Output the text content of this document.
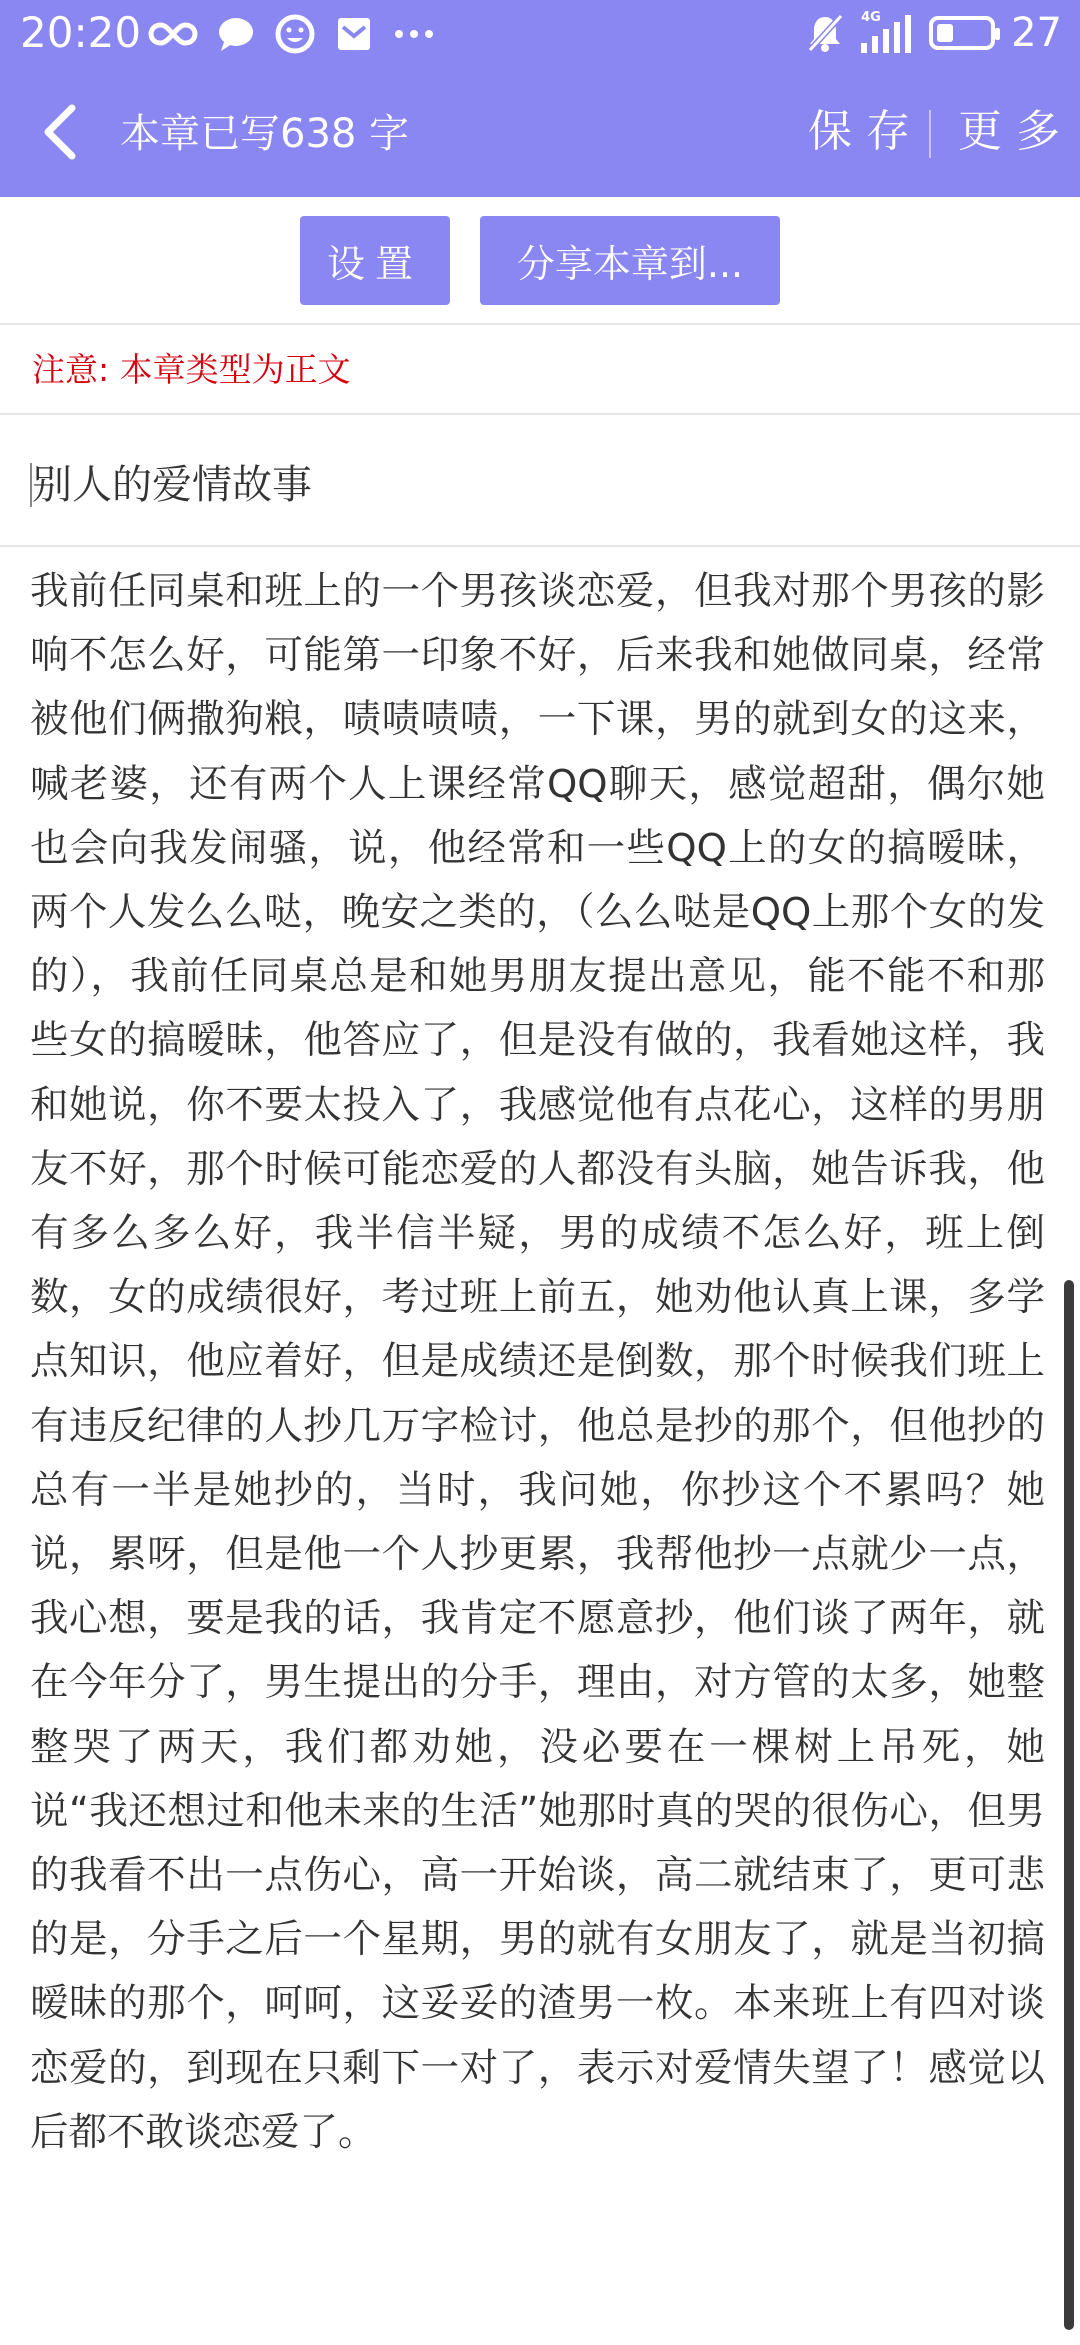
20:20	4G	27
本章已写638 字	保存 更多
设置	分享本章到...
注意: 本章类型为正文
别人的爱情故事
我前任同桌和班上的一个男孩谈恋爱，但我对那个男孩的影响不怎么好，可能第一印象不好，后来我和她做同桌，经常被他们俩撒狗粮，啧啧啧啧，一下课，男的就到女的这来，喊老婆，还有两个人上课经常QQ聊天，感觉超甜，偶尔她也会向我发闹骚，说，他经常和一些QQ上的女的搞暧昧，两个人发么么哒，晚安之类的，（么么哒是QQ上那个女的发的），我前任同桌总是和她男朋友提出意见，能不能不和那些女的搞暧昧，他答应了，但是没有做的，我看她这样，我和她说，你不要太投入了，我感觉他有点花心，这样的男朋友不好，那个时候可能恋爱的人都没有头脑，她告诉我，他有多么多么好，我半信半疑，男的成绩不怎么好，班上倒数，女的成绩很好，考过班上前五，她劝他认真上课，多学点知识，他应着好，但是成绩还是倒数，那个时候我们班上有违反纪律的人抄几万字检讨，他总是抄的那个，但他抄的总有一半是她抄的，当时，我问她，你抄这个不累吗？她说，累呀，但是他一个人抄更累，我帮他抄一点就少一点，我心想，要是我的话，我肯定不愿意抄，他们谈了两年，就在今年分了，男生提出的分手，理由，对方管的太多，她整整哭了两天，我们都劝她，没必要在一棵树上吊死，她说“我还想过和他未来的生活”她那时真的哭的很伤心，但男的我看不出一点伤心，高一开始谈，高二就结束了，更可悲的是，分手之后一个星期，男的就有女朋友了，就是当初搞暧昧的那个，呵呵，这妥妥的渣男一枚。本来班上有四对谈恋爱的，到现在只剩下一对了，表示对爱情失望了！感觉以后都不敢谈恋爱了。
